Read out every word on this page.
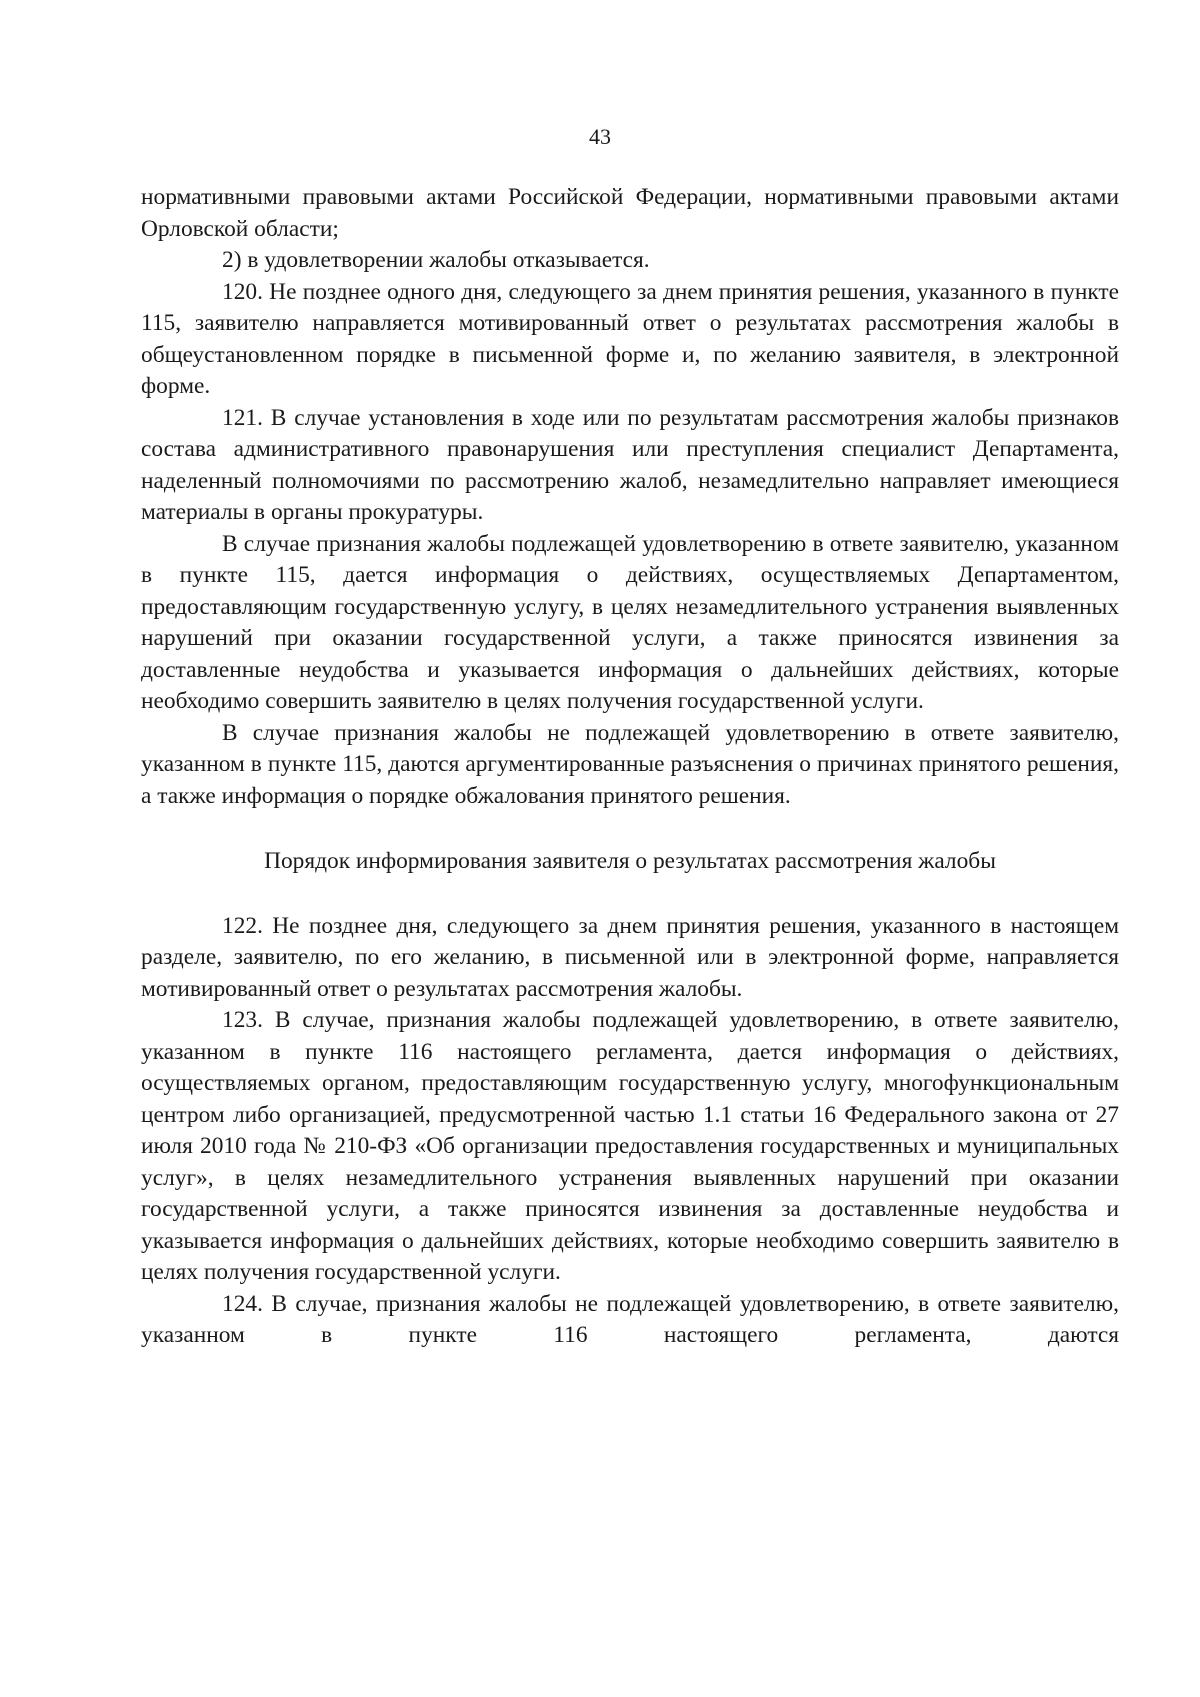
43

нормативными правовыми актами Российской Федерации, нормативными правовыми актами Орловской области;

2) в удовлетворении жалобы отказывается.

120. Не позднее одного дня, следующего за днем принятия решения, указанного в пункте 115, заявителю направляется мотивированный ответ о результатах рассмотрения жалобы в общеустановленном порядке в письменной форме и, по желанию заявителя, в электронной форме.

121. В случае установления в ходе или по результатам рассмотрения жалобы признаков состава административного правонарушения или преступления специалист Департамента, наделенный полномочиями по рассмотрению жалоб, незамедлительно направляет имеющиеся материалы в органы прокуратуры.

В случае признания жалобы подлежащей удовлетворению в ответе заявителю, указанном в пункте 115, дается информация о действиях, осуществляемых Департаментом, предоставляющим государственную услугу, в целях незамедлительного устранения выявленных нарушений при оказании государственной услуги, а также приносятся извинения за доставленные неудобства и указывается информация о дальнейших действиях, которые необходимо совершить заявителю в целях получения государственной услуги.

В случае признания жалобы не подлежащей удовлетворению в ответе заявителю, указанном в пункте 115, даются аргументированные разъяснения о причинах принятого решения, а также информация о порядке обжалования принятого решения.

Порядок информирования заявителя о результатах рассмотрения жалобы

122. Не позднее дня, следующего за днем принятия решения, указанного в настоящем разделе, заявителю, по его желанию, в письменной или в электронной форме, направляется мотивированный ответ о результатах рассмотрения жалобы.

123. В случае, признания жалобы подлежащей удовлетворению, в ответе заявителю, указанном в пункте 116 настоящего регламента, дается информация о действиях, осуществляемых органом, предоставляющим государственную услугу, многофункциональным центром либо организацией, предусмотренной частью 1.1 статьи 16 Федерального закона от 27 июля 2010 года № 210-ФЗ «Об организации предоставления государственных и муниципальных услуг», в целях незамедлительного устранения выявленных нарушений при оказании государственной услуги, а также приносятся извинения за доставленные неудобства и указывается информация о дальнейших действиях, которые необходимо совершить заявителю в целях получения государственной услуги.

124. В случае, признания жалобы не подлежащей удовлетворению, в ответе заявителю, указанном в пункте 116 настоящего регламента, даются
